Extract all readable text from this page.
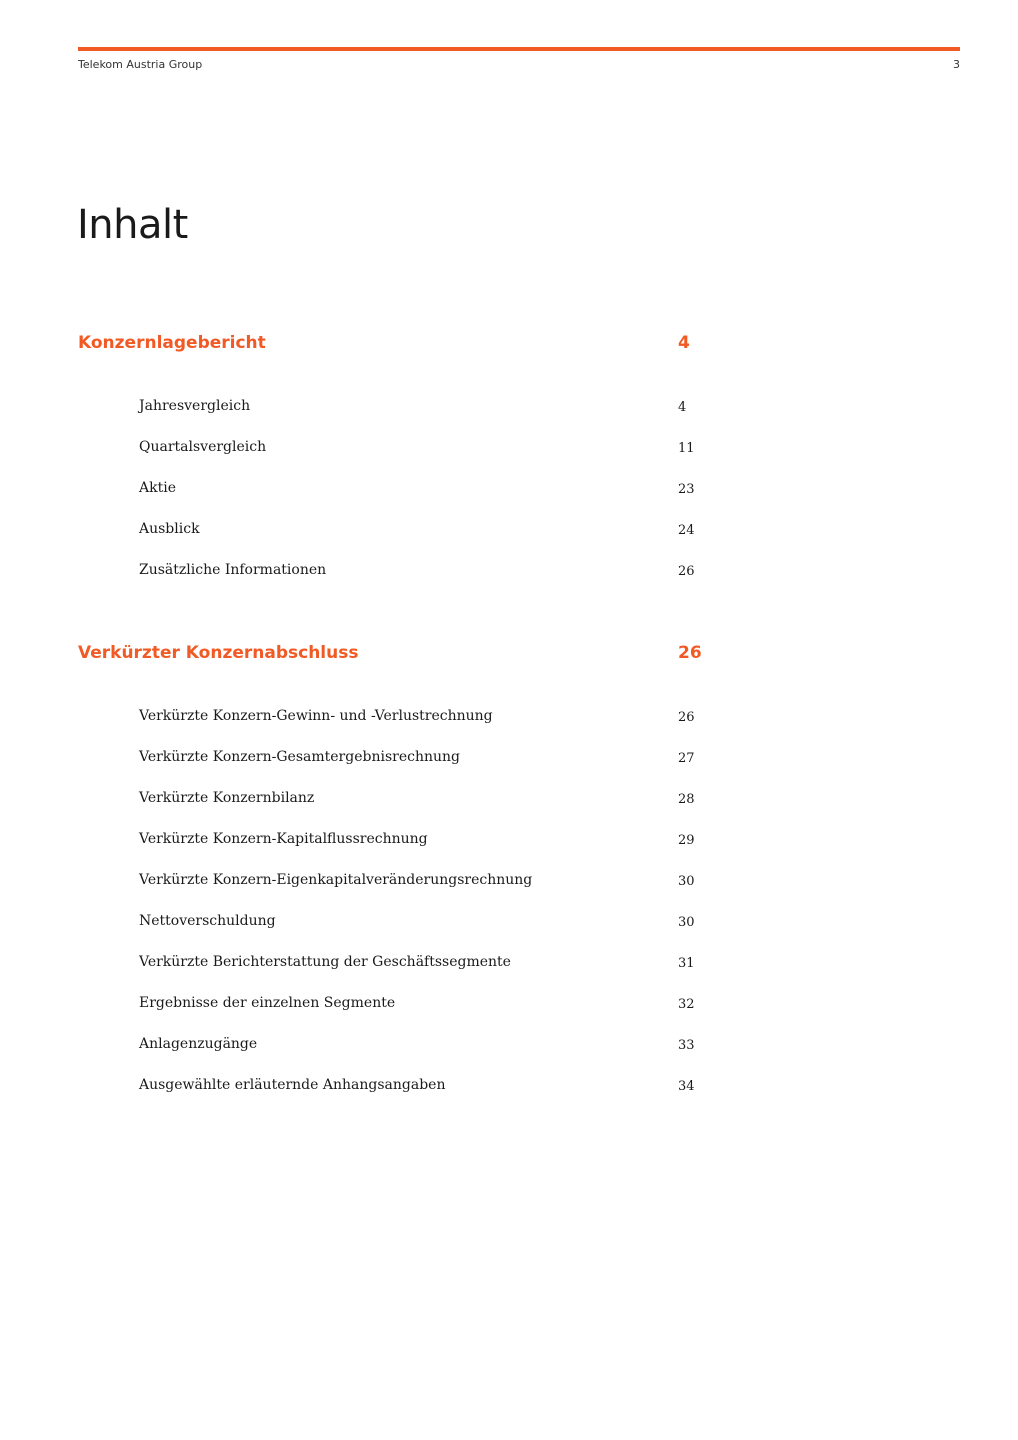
Telekom Austria Group	3
Inhalt
Konzernlagebericht	4
Jahresvergleich	4
Quartalsvergleich	11
Aktie	23
Ausblick	24
Zusätzliche Informationen	26
Verkürzter Konzernabschluss	26
Verkürzte Konzern-Gewinn- und -Verlustrechnung	26
Verkürzte Konzern-Gesamtergebnisrechnung	27
Verkürzte Konzernbilanz	28
Verkürzte Konzern-Kapitalflussrechnung	29
Verkürzte Konzern-Eigenkapitalveränderungsrechnung	30
Nettoverschuldung	30
Verkürzte Berichterstattung der Geschäftssegmente	31
Ergebnisse der einzelnen Segmente	32
Anlagenzugänge	33
Ausgewählte erläuternde Anhangsangaben	34
